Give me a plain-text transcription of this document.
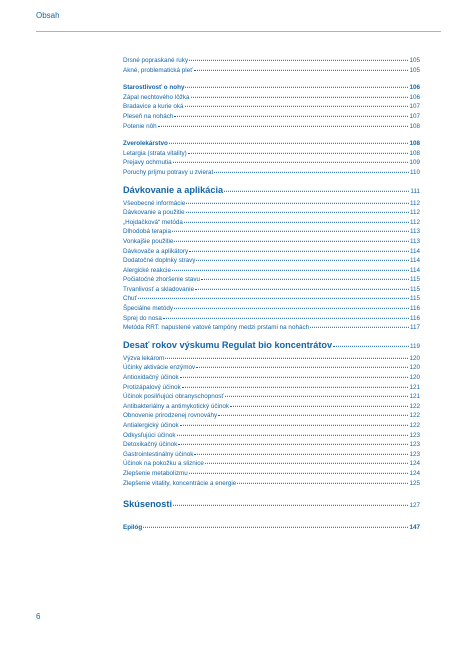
Obsah
Drsné popraskané ruky	105
Akné, problematická pleť	105
Starostlivosť o nohy	106
Zápal nechtového lôžka	106
Bradavice a kurie oká	107
Pleseň na nohách	107
Potenie nôh	108
Zverolekárstvo	108
Letargia (strata vitality)	108
Prejavy ochrnutia	109
Poruchy príjmu potravy u zvierat	110
Dávkovanie a aplikácia	111
Všeobecné informácie	112
Dávkovanie a použitie	112
„Hojdačková“ metóda	112
Dlhodobá terapia	113
Vonkajšie použitie	113
Dávkovače a aplikátory	114
Dodatočné doplnky stravy	114
Alergické reakcie	114
Počiatočné zhoršenie stavu	115
Trvanlivosť a skladovanie	115
Chuť	115
Špeciálne metódy	116
Sprej do nosa	116
Metóda RRT: napustené vatové tampóny medzi prstami na nohách	117
Desať rokov výskumu Regulat bio koncentrátov	119
Výzva lekárom	120
Účinky aktivácie enzýmov	120
Antioxidačný účinok	120
Protizápalový účinok	121
Účinok posilňujúci obranyschopnosť	121
Antibakteriálny a antimykotický účinok	122
Obnovenie prirodzenej rovnováhy	122
Antialergický účinok	122
Odkysľujúci účinok	123
Detoxikačný účinok	123
Gastrointestinálny účinok	123
Účinok na pokožku a sliznice	124
Zlepšenie metabolizmu	124
Zlepšenie vitality, koncentrácie a energie	125
Skúsenosti	127
Epilóg	147
6
